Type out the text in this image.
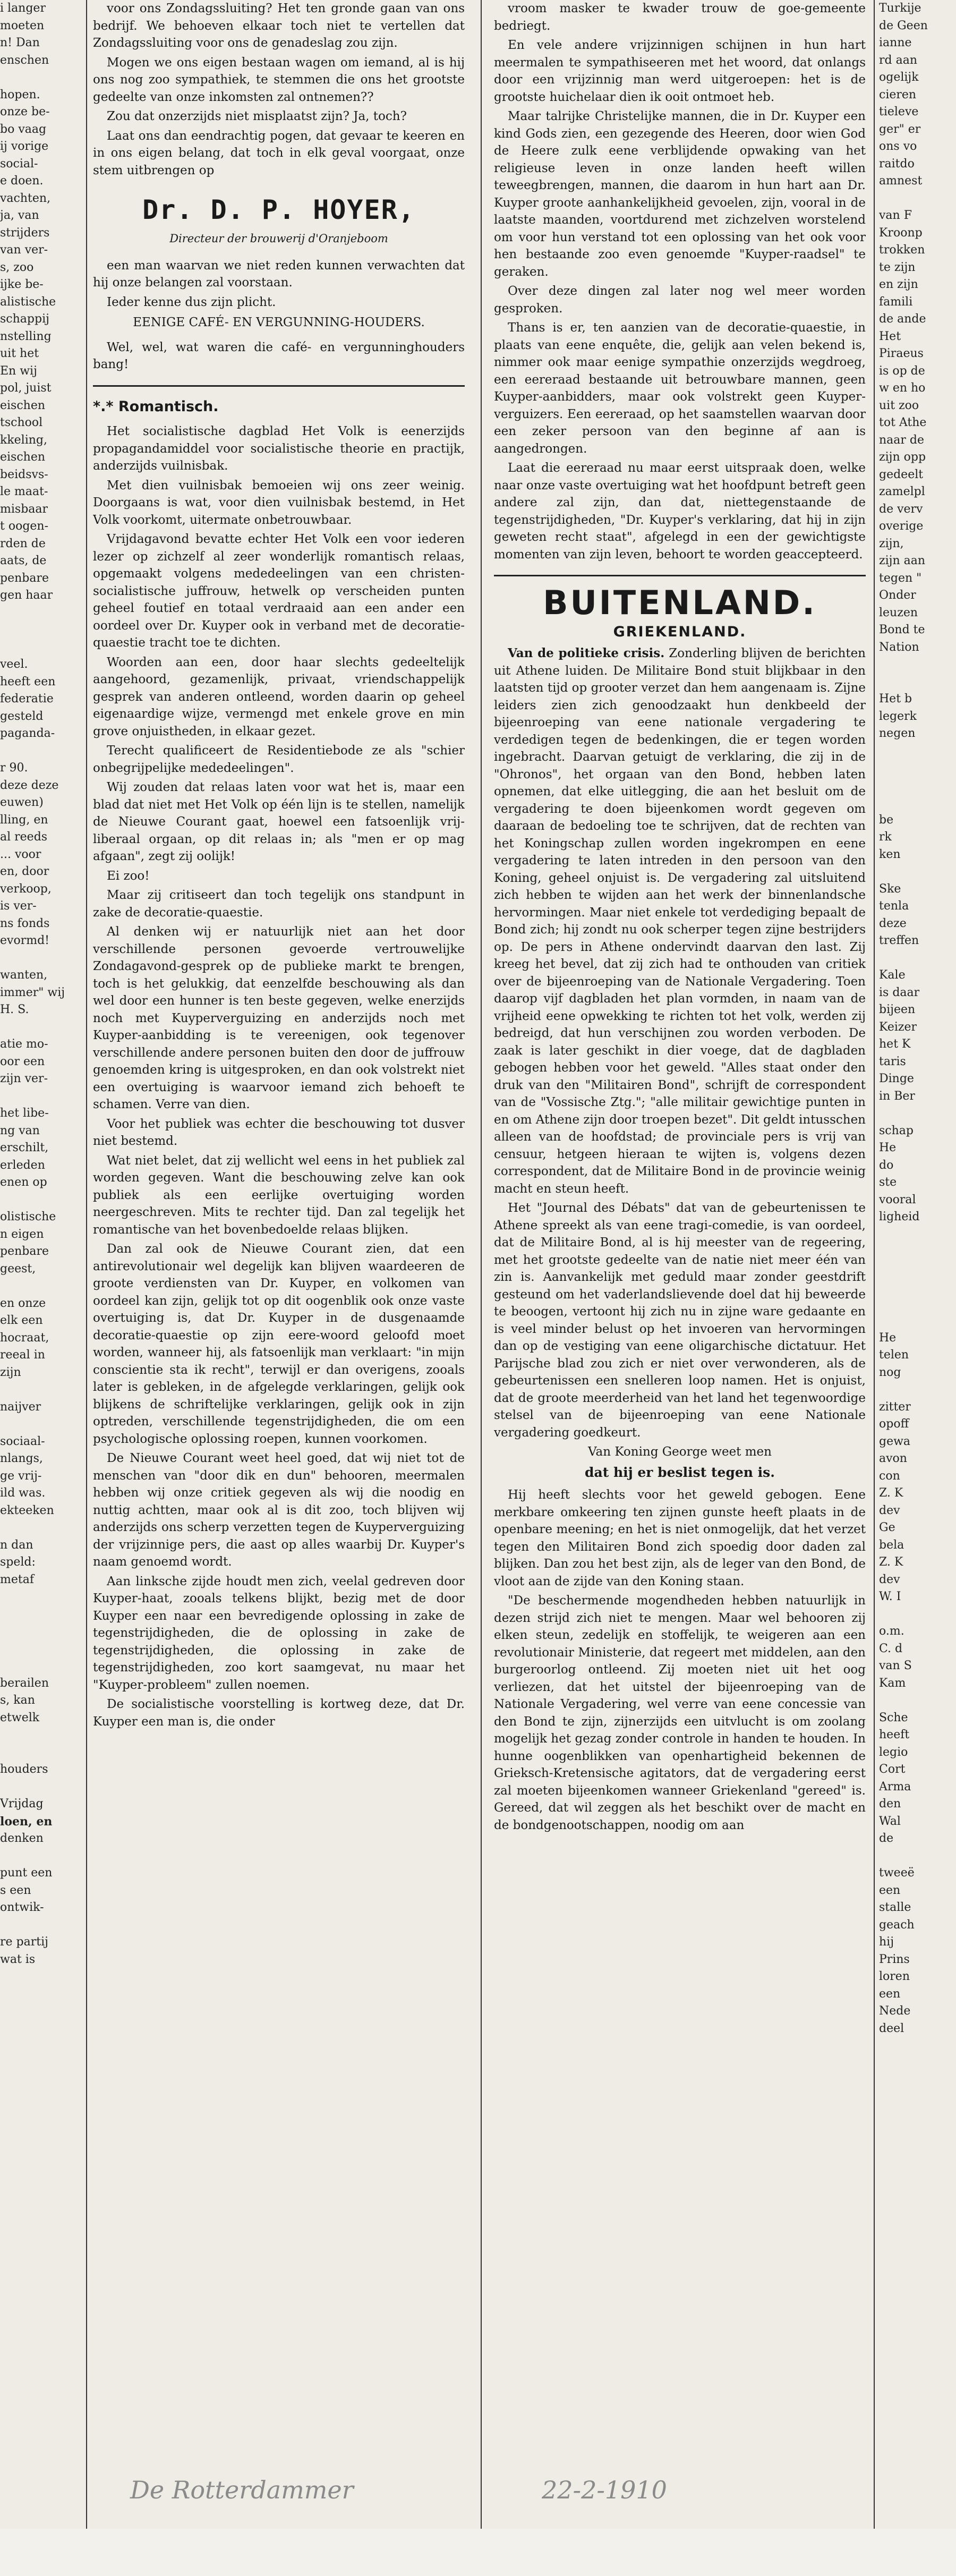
i langer
moeten
n! Dan
enschen

hopen.
onze be-
bo vaag
ij vorige
social-
e doen.
vachten,
ja, van
strijders
van ver-
s, zoo
ijke be-
alistische
schappij
nstelling
uit het
En wij
pol, juist
eischen
tschool
kkeling,
eischen
beidsvs-
le maat-
misbaar
t oogen-
rden de
aats, de
penbare
gen haar

veel.
heeft een
federatie
gesteld
paganda-

r 90.
deze deze
euwen)
lling, en
al reeds
... voor
en, door
verkoop,
is ver-
ns fonds
evormd!

wanten,
immer" wij
H. S.

atie mo-
oor een
zijn ver-

het libe-
ng van
erschilt,
erleden
enen op

olistische
n eigen
penbare
geest,

en onze
elk een
hocraat,
reeal in
zijn

naijver

sociaal-
nlangs,
ge vrij-
ild was.
ekteeken

n dan
speld:
metaf

berailen
s, kan
etwelk

houders

Vrijdag
loen, en
denken

punt een
s een
ontwik-

re partij
wat is

voor ons Zondagssluiting? Het ten gronde gaan van ons bedrijf. We behoeven elkaar toch niet te vertellen dat Zondagssluiting voor ons de genadeslag zou zijn.

Mogen we ons eigen bestaan wagen om iemand, al is hij ons nog zoo sympathiek, te stemmen die ons het grootste gedeelte van onze inkomsten zal ontnemen??

Zou dat onzerzijds niet misplaatst zijn? Ja, toch?

Laat ons dan eendrachtig pogen, dat gevaar te keeren en in ons eigen belang, dat toch in elk geval voorgaat, onze stem uitbrengen op

Dr. D. P. HOYER,
Directeur der brouwerij d'Oranjeboom

een man waarvan we niet reden kunnen verwachten dat hij onze belangen zal voorstaan.

Ieder kenne dus zijn plicht.

EENIGE CAFÉ- EN VERGUNNING-HOUDERS.

Wel, wel, wat waren die café- en vergunninghouders bang!

*.* Romantisch.

Het socialistische dagblad Het Volk is eenerzijds propagandamiddel voor socialistische theorie en practijk, anderzijds vuilnisbak.

Met dien vuilnisbak bemoeien wij ons zeer weinig. Doorgaans is wat, voor dien vuilnisbak bestemd, in Het Volk voorkomt, uitermate onbetrouwbaar.

Vrijdagavond bevatte echter Het Volk een voor iederen lezer op zichzelf al zeer wonderlijk romantisch relaas, opgemaakt volgens mededeelingen van een christen-socialistische juffrouw, hetwelk op verscheiden punten geheel foutief en totaal verdraaid aan een ander een oordeel over Dr. Kuyper ook in verband met de decoratie-quaestie tracht toe te dichten.

Woorden aan een, door haar slechts gedeeltelijk aangehoord, gezamenlijk, privaat, vriendschappelijk gesprek van anderen ontleend, worden daarin op geheel eigenaardige wijze, vermengd met enkele grove en min grove onjuistheden, in elkaar gezet.

Terecht qualificeert de Residentiebode ze als "schier onbegrijpelijke mededeelingen".

Wij zouden dat relaas laten voor wat het is, maar een blad dat niet met Het Volk op één lijn is te stellen, namelijk de Nieuwe Courant gaat, hoewel een fatsoenlijk vrij-liberaal orgaan, op dit relaas in; als "men er op mag afgaan", zegt zij oolijk!

Ei zoo!

Maar zij critiseert dan toch tegelijk ons standpunt in zake de decoratie-quaestie.

Al denken wij er natuurlijk niet aan het door verschillende personen gevoerde vertrouwelijke Zondagavond-gesprek op de publieke markt te brengen, toch is het gelukkig, dat eenzelfde beschouwing als dan wel door een hunner is ten beste gegeven, welke enerzijds noch met Kuyperverguizing en anderzijds noch met Kuyper-aanbidding is te vereenigen, ook tegenover verschillende andere personen buiten den door de juffrouw genoemden kring is uitgesproken, en dan ook volstrekt niet een overtuiging is waarvoor iemand zich behoeft te schamen. Verre van dien.

Voor het publiek was echter die beschouwing tot dusver niet bestemd.

Wat niet belet, dat zij wellicht wel eens in het publiek zal worden gegeven. Want die beschouwing zelve kan ook publiek als een eerlijke overtuiging worden neergeschreven. Mits te rechter tijd. Dan zal tegelijk het romantische van het bovenbedoelde relaas blijken.

Dan zal ook de Nieuwe Courant zien, dat een antirevolutionair wel degelijk kan blijven waardeeren de groote verdiensten van Dr. Kuyper, en volkomen van oordeel kan zijn, gelijk tot op dit oogenblik ook onze vaste overtuiging is, dat Dr. Kuyper in de dusgenaamde decoratie-quaestie op zijn eere-woord geloofd moet worden, wanneer hij, als fatsoenlijk man verklaart: "in mijn conscientie sta ik recht", terwijl er dan overigens, zooals later is gebleken, in de afgelegde verklaringen, gelijk ook blijkens de schriftelijke verklaringen, gelijk ook in zijn optreden, verschillende tegenstrijdigheden, die om een psychologische oplossing roepen, kunnen voorkomen.

De Nieuwe Courant weet heel goed, dat wij niet tot de menschen van "door dik en dun" behooren, meermalen hebben wij onze critiek gegeven als wij die noodig en nuttig achtten, maar ook al is dit zoo, toch blijven wij anderzijds ons scherp verzetten tegen de Kuyperverguizing der vrijzinnige pers, die aast op alles waarbij Dr. Kuyper's naam genoemd wordt.

Aan linksche zijde houdt men zich, veelal gedreven door Kuyper-haat, zooals telkens blijkt, bezig met de door Kuyper een naar een bevredigende oplossing in zake de tegenstrijdigheden, die de oplossing in zake de tegenstrijdigheden, die oplossing in zake de tegenstrijdigheden, zoo kort saamgevat, nu maar het "Kuyper-probleem" zullen noemen.

De socialistische voorstelling is kortweg deze, dat Dr. Kuyper een man is, die onder

vroom masker te kwader trouw de goe-gemeente bedriegt.

En vele andere vrijzinnigen schijnen in hun hart meermalen te sympathiseeren met het woord, dat onlangs door een vrijzinnig man werd uitgeroepen: het is de grootste huichelaar dien ik ooit ontmoet heb.

Maar talrijke Christelijke mannen, die in Dr. Kuyper een kind Gods zien, een gezegende des Heeren, door wien God de Heere zulk eene verblijdende opwaking van het religieuse leven in onze landen heeft willen teweegbrengen, mannen, die daarom in hun hart aan Dr. Kuyper groote aanhankelijkheid gevoelen, zijn, vooral in de laatste maanden, voortdurend met zichzelven worstelend om voor hun verstand tot een oplossing van het ook voor hen bestaande zoo even genoemde "Kuyper-raadsel" te geraken.

Over deze dingen zal later nog wel meer worden gesproken.

Thans is er, ten aanzien van de decoratie-quaestie, in plaats van eene enquête, die, gelijk aan velen bekend is, nimmer ook maar eenige sympathie onzerzijds wegdroeg, een eereraad bestaande uit betrouwbare mannen, geen Kuyper-aanbidders, maar ook volstrekt geen Kuyper-verguizers. Een eereraad, op het saamstellen waarvan door een zeker persoon van den beginne af aan is aangedrongen.

Laat die eereraad nu maar eerst uitspraak doen, welke naar onze vaste overtuiging wat het hoofdpunt betreft geen andere zal zijn, dan dat, niettegenstaande de tegenstrijdigheden, "Dr. Kuyper's verklaring, dat hij in zijn geweten recht staat", afgelegd in een der gewichtigste momenten van zijn leven, behoort te worden geaccepteerd.

BUITENLAND.
GRIEKENLAND.

Van de politieke crisis. Zonderling blijven de berichten uit Athene luiden. De Militaire Bond stuit blijkbaar in den laatsten tijd op grooter verzet dan hem aangenaam is. Zijne leiders zien zich genoodzaakt hun denkbeeld der bijeenroeping van eene nationale vergadering te verdedigen tegen de bedenkingen, die er tegen worden ingebracht. Daarvan getuigt de verklaring, die zij in de "Ohronos", het orgaan van den Bond, hebben laten opnemen, dat elke uitlegging, die aan het besluit om de vergadering te doen bijeenkomen wordt gegeven om daaraan de bedoeling toe te schrijven, dat de rechten van het Koningschap zullen worden ingekrompen en eene vergadering te laten intreden in den persoon van den Koning, geheel onjuist is. De vergadering zal uitsluitend zich hebben te wijden aan het werk der binnenlandsche hervormingen. Maar niet enkele tot verdediging bepaalt de Bond zich; hij zondt nu ook scherper tegen zijne bestrijders op. De pers in Athene ondervindt daarvan den last. Zij kreeg het bevel, dat zij zich had te onthouden van critiek over de bijeenroeping van de Nationale Vergadering. Toen daarop vijf dagbladen het plan vormden, in naam van de vrijheid eene opwekking te richten tot het volk, werden zij bedreigd, dat hun verschijnen zou worden verboden. De zaak is later geschikt in dier voege, dat de dagbladen gebogen hebben voor het geweld. "Alles staat onder den druk van den "Militairen Bond", schrijft de correspondent van de "Vossische Ztg."; "alle militair gewichtige punten in en om Athene zijn door troepen bezet". Dit geldt intusschen alleen van de hoofdstad; de provinciale pers is vrij van censuur, hetgeen hieraan te wijten is, volgens dezen correspondent, dat de Militaire Bond in de provincie weinig macht en steun heeft.

Het "Journal des Débats" dat van de gebeurtenissen te Athene spreekt als van eene tragi-comedie, is van oordeel, dat de Militaire Bond, al is hij meester van de regeering, met het grootste gedeelte van de natie niet meer één van zin is. Aanvankelijk met geduld maar zonder geestdrift gesteund om het vaderlandslievende doel dat hij beweerde te beoogen, vertoont hij zich nu in zijne ware gedaante en is veel minder belust op het invoeren van hervormingen dan op de vestiging van eene oligarchische dictatuur. Het Parijsche blad zou zich er niet over verwonderen, als de gebeurtenissen een snelleren loop namen. Het is onjuist, dat de groote meerderheid van het land het tegenwoordige stelsel van de bijeenroeping van eene Nationale vergadering goedkeurt.

Van Koning George weet men

dat hij er beslist tegen is.

Hij heeft slechts voor het geweld gebogen. Eene merkbare omkeering ten zijnen gunste heeft plaats in de openbare meening; en het is niet onmogelijk, dat het verzet tegen den Militairen Bond zich spoedig door daden zal blijken. Dan zou het best zijn, als de leger van den Bond, de vloot aan de zijde van den Koning staan.

"De beschermende mogendheden hebben natuurlijk in dezen strijd zich niet te mengen. Maar wel behooren zij elken steun, zedelijk en stoffelijk, te weigeren aan een revolutionair Ministerie, dat regeert met middelen, aan den burgeroorlog ontleend. Zij moeten niet uit het oog verliezen, dat het uitstel der bijeenroeping van de Nationale Vergadering, wel verre van eene concessie van den Bond te zijn, zijnerzijds een uitvlucht is om zoolang mogelijk het gezag zonder controle in handen te houden. In hunne oogenblikken van openhartigheid bekennen de Grieksch-Kretensische agitators, dat de vergadering eerst zal moeten bijeenkomen wanneer Griekenland "gereed" is. Gereed, dat wil zeggen als het beschikt over de macht en de bondgenootschappen, noodig om aan

Turkije
de Geen
ianne
rd aan
ogelijk
cieren
tieleve
ger" er
ons vo
raitdo
amnest

van F
Kroonp
trokken
te zijn
en zijn
famili
de ande
Het
Piraeus
is op de
w en ho
uit zoo
tot Athe
naar de
zijn opp
gedeelt
zamelpl
de verv
overige
zijn,
zijn aan
tegen "
Onder
leuzen
Bond te
Nation

Het b
legerk
negen

be
rk
ken

Ske
tenla
deze
treffen

Kale
is daar
bijeen
Keizer
het K
taris
Dinge
in Ber

schap
He
do
ste
vooral
ligheid

He
telen
nog

zitter
opoff
gewa
avon
con
Z. K
dev
Ge
bela
Z. K
dev
W. I

o.m.
C. d
van S
Kam

Sche
heeft
legio
Cort
Arma
den
Wal
de

tweeë
een
stalle
geach
hij
Prins
loren
een
Nede
deel
De Rotterdammer	22-2-1910
